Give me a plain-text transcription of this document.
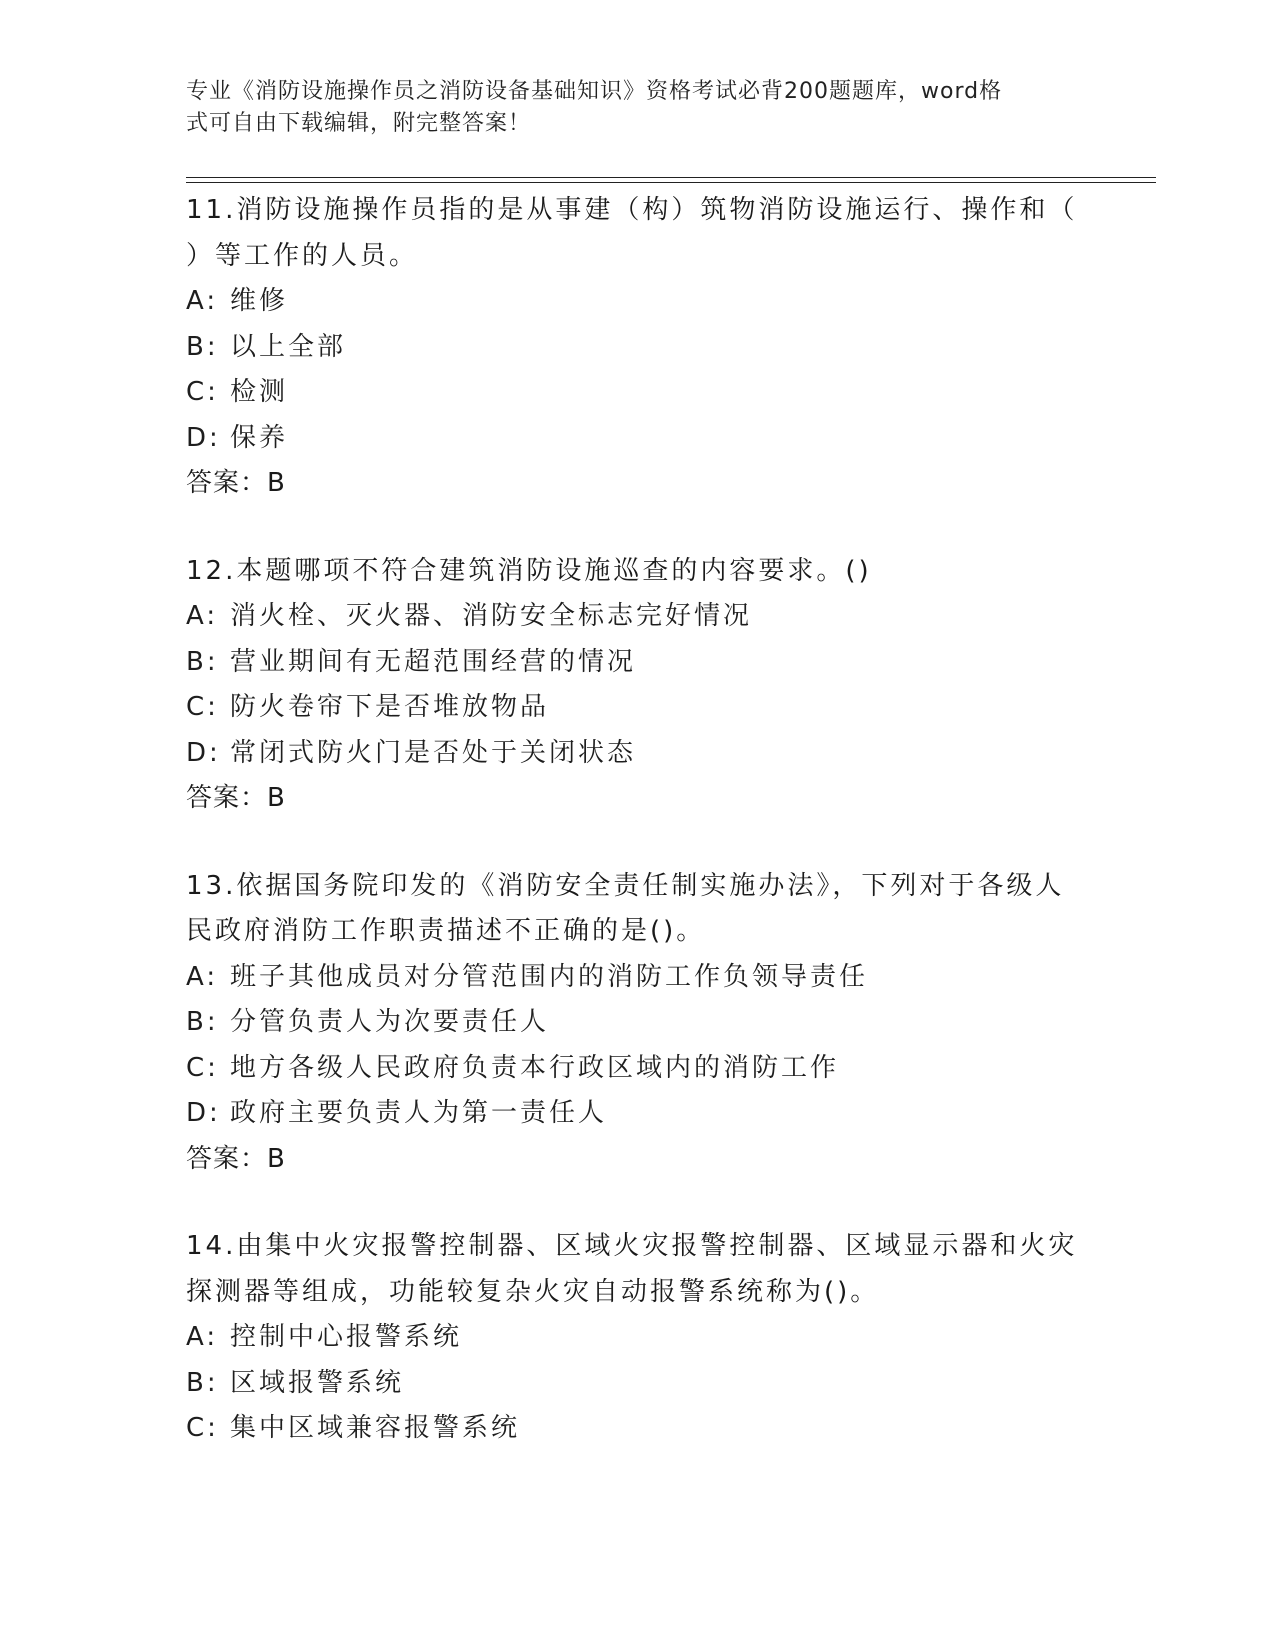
专业《消防设施操作员之消防设备基础知识》资格考试必背200题题库，word格
式可自由下载编辑，附完整答案！
11.消防设施操作员指的是从事建（构）筑物消防设施运行、操作和（
）等工作的人员。
A: 维修
B: 以上全部
C: 检测
D: 保养
答案：B
12.本题哪项不符合建筑消防设施巡查的内容要求。()
A: 消火栓、灭火器、消防安全标志完好情况
B: 营业期间有无超范围经营的情况
C: 防火卷帘下是否堆放物品
D: 常闭式防火门是否处于关闭状态
答案：B
13.依据国务院印发的《消防安全责任制实施办法》，下列对于各级人
民政府消防工作职责描述不正确的是()。
A: 班子其他成员对分管范围内的消防工作负领导责任
B: 分管负责人为次要责任人
C: 地方各级人民政府负责本行政区域内的消防工作
D: 政府主要负责人为第一责任人
答案：B
14.由集中火灾报警控制器、区域火灾报警控制器、区域显示器和火灾
探测器等组成，功能较复杂火灾自动报警系统称为()。
A: 控制中心报警系统
B: 区域报警系统
C: 集中区域兼容报警系统
